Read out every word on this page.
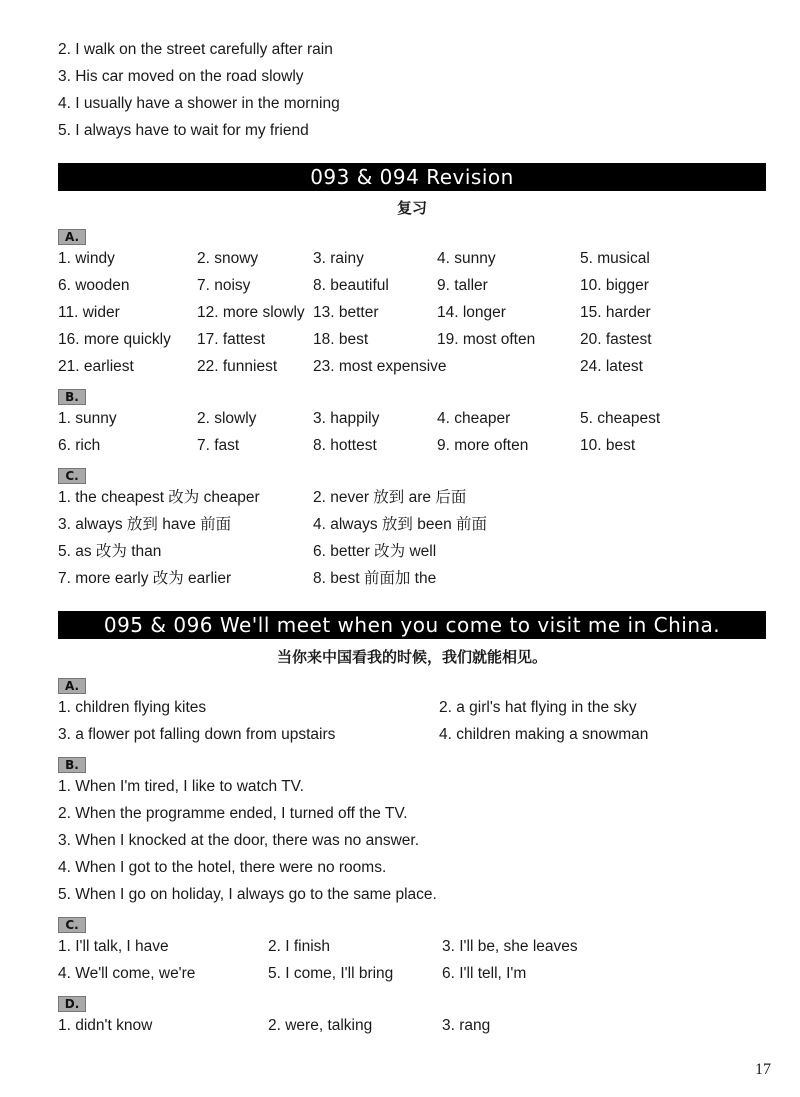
2. I walk on the street carefully after rain
3. His car moved on the road slowly
4. I usually have a shower in the morning
5. I always have to wait for my friend
093 & 094 Revision
复习
A.
1. windy	2. snowy	3. rainy	4. sunny	5. musical
6. wooden	7. noisy	8. beautiful	9. taller	10. bigger
11. wider	12. more slowly 13. better	14. longer	15. harder
16. more quickly 17. fattest	18. best	19. most often	20. fastest
21. earliest	22. funniest 23. most expensive	24. latest
B.
1. sunny	2. slowly	3. happily	4. cheaper	5. cheapest
6. rich	7. fast	8. hottest	9. more often	10. best
C.
1. the cheapest 改为 cheaper	2. never 放到 are 后面
3. always 放到 have 前面	4. always 放到 been 前面
5. as 改为 than	6. better 改为 well
7. more early 改为 earlier	8. best 前面加 the
095 & 096 We'll meet when you come to visit me in China.
当你来中国看我的时候，我们就能相见。
A.
1. children flying kites	2. a girl's hat flying in the sky
3. a flower pot falling down from upstairs	4. children making a snowman
B.
1. When I'm tired, I like to watch TV.
2. When the programme ended, I turned off the TV.
3. When I knocked at the door, there was no answer.
4. When I got to the hotel, there were no rooms.
5. When I go on holiday, I always go to the same place.
C.
1. I'll talk, I have	2. I finish	3. I'll be, she leaves
4. We'll come, we're	5. I come, I'll bring	6. I'll tell, I'm
D.
1. didn't know	2. were, talking	3. rang
17
